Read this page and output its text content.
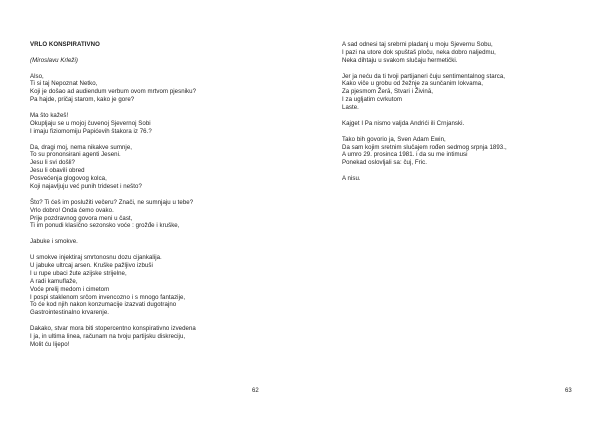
VRLO KONSPIRATIVNO
(Miroslavu Krleži)
Also,
Ti si taj Nepoznat Netko,
Koji je došao ad audiendum verbum ovom mrtvom pjesniku?
Pa hajde, pričaj starom, kako je gore?
Ma što kažeš!
Okupljaju se u mojoj čuvenoj Sjevernoj Sobi
I imaju fiziomomiju Papićevih štakora iz 76.?
Da, dragi moj, nema nikakve sumnje,
To su prononsirani agenti Jeseni.
Jesu li svi došli?
Jesu li obavili obred
Posvećenja glogovog kolca,
Koji najavljuju već punih trideset i nešto?
Što? Ti ćeš im poslužiti večeru? Znači, ne sumnjaju u tebe?
Vrlo dobro! Onda ćemo ovako.
Prije pozdravnog govora meni u čast,
Ti im ponudi klasično sezonsko voće : grožđe i kruške,
Jabuke i smokve.
U smokve injektiraj smrtonosnu dozu cijankalija.
U jabuke ultrcaj arsen. Kruške pažljivo izbuši
I u rupe ubaci žute azijske strijelne,
A radi kamuflaže,
Voće prelij medom i cimetom
I pospi staklenom srčom invencozno i s mnogo fantazije,
To će kod njih nakon konzumacije izazvati dugotrajno
Gastrointestinalno krvarenje.
Dakako, stvar mora biti stopercentno konspirativno izvedena
I ja, in ultima linea, računam na tvoju partijsku diskreciju,
Molit ću lijepo!
62
A sad odnesi taj srebrni pladanj u moju Sjevernu Sobu,
I pazi na utore dok spuštaš ploču, neka dobro naljedmu,
Neka dihtaju u svakom slučaju hermetički.
Jer ja neću da ti tvoji partijaneri čuju sentimentalnog starca,
Kako viče u grobu od žežnje za sunčanim lokvama,
Za pjesmom Žerā, Stvari i Živinā,
I za ugljatim cvrkutom
Laste.
Kajget I Pa nismo valjda Andrići ili Crnjanski.
Tako bih govorio ja, Sven Adam Ewin,
Da sam kojim sretnim slučajem rođen sedmog srpnja 1893.,
A umro 29. prosinca 1981. i da su me intimusi
Ponekad oslovljali sa: čuj, Fric.
A nisu.
63
